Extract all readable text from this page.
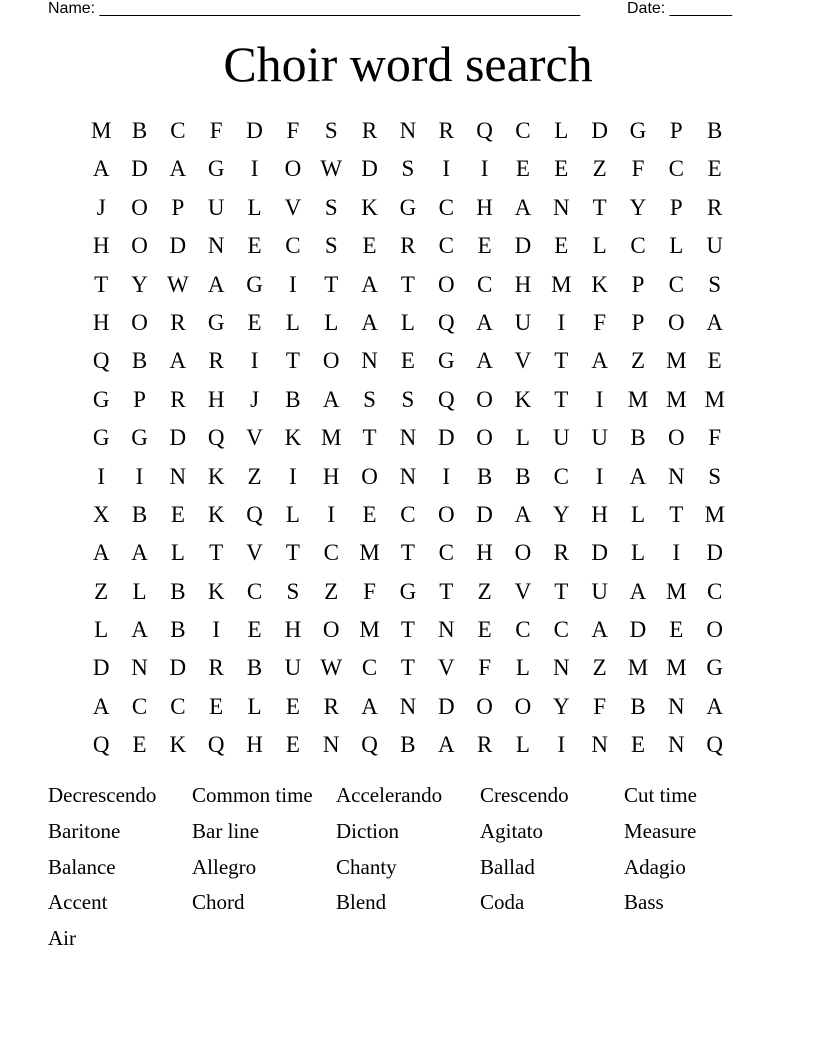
Name: ______________________________________________________	Date: _______
Choir word search
M B	C	F	D	F	S	R N R Q C	L	D G	P	B
A D A G	I	O W D	S	I	I	E	E	Z	F	C	E
J	O	P	U	L	V	S	K G C H A N	T	Y	P	R
H O D N	E	C	S	E	R	C	E	D	E	L	C	L	U
T	Y W A G	I	T	A	T	O C H M K	P	C	S
H O R G	E	L	L	A	L	Q A U	I	F	P	O A
Q B A R	I	T	O N	E	G A V	T	A	Z M E
G	P	R H	J	B A	S	S	Q O K	T	I	M M M
G G D Q V K M T	N D O	L	U U B O	F
I	I	N K	Z	I	H O N	I	B	B	C	I	A N	S
X B	E	K Q	L	I	E	C O D A Y H	L	T M
A A	L	T	V	T	C M T	C H O R D	L	I	D
Z	L	B K C	S	Z	F	G	T	Z	V	T	U A M C
L	A B	I	E	H O M T	N	E	C	C A D	E	O
D N D R	B U W C	T	V	F	L	N	Z M M G
A C	C	E	L	E	R A N D O O Y	F	B N A
Q	E	K Q H	E	N Q B A R	L	I	N	E	N Q
Decrescendo	Common time	Accelerando	Crescendo	Cut time
Baritone	Bar line	Diction	Agitato	Measure
Balance	Allegro	Chanty	Ballad	Adagio
Accent	Chord	Blend	Coda	Bass
Air
